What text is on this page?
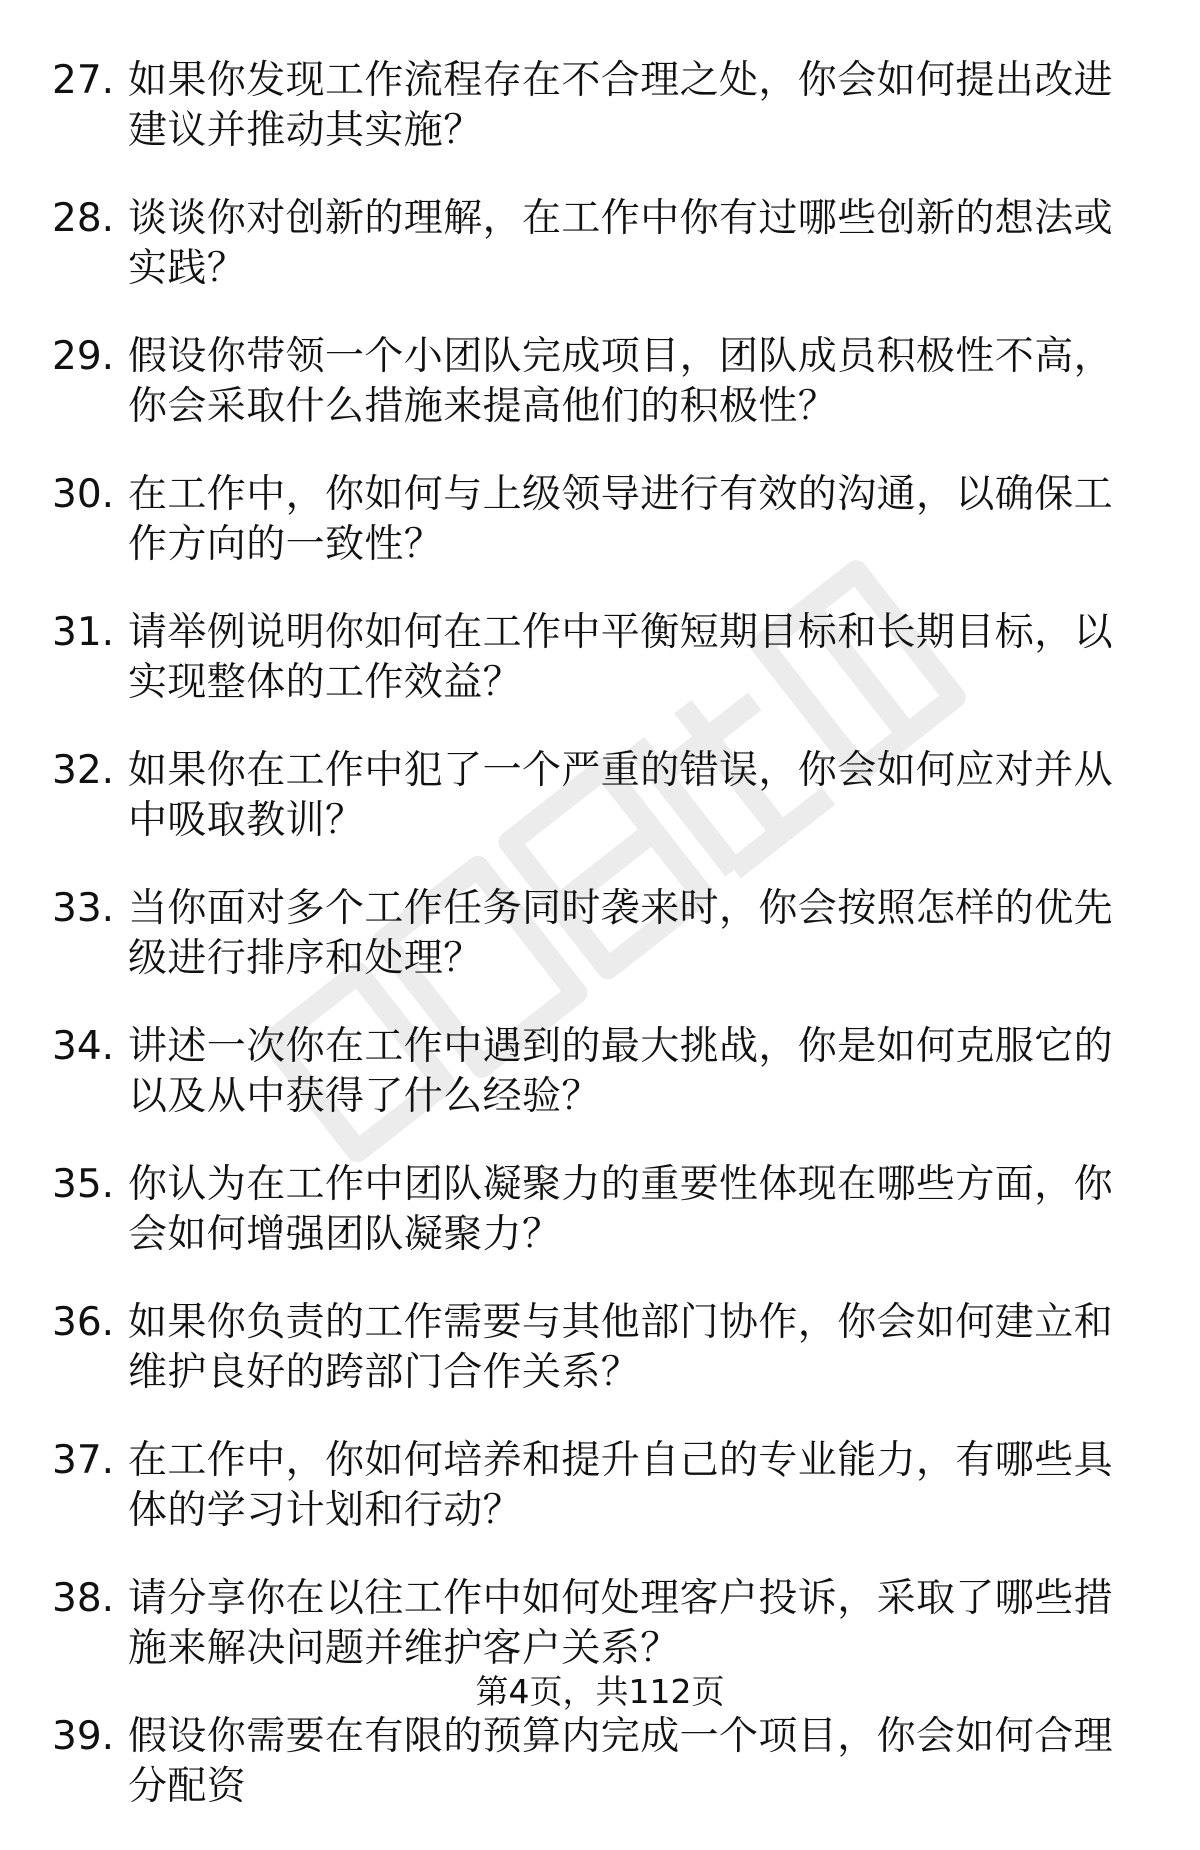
27. 如果你发现工作流程存在不合理之处，你会如何提出改进建议并推动其实施？
28. 谈谈你对创新的理解，在工作中你有过哪些创新的想法或实践？
29. 假设你带领一个小团队完成项目，团队成员积极性不高，你会采取什么措施来提高他们的积极性？
30. 在工作中，你如何与上级领导进行有效的沟通，以确保工作方向的一致性？
31. 请举例说明你如何在工作中平衡短期目标和长期目标，以实现整体的工作效益？
32. 如果你在工作中犯了一个严重的错误，你会如何应对并从中吸取教训？
33. 当你面对多个工作任务同时袭来时，你会按照怎样的优先级进行排序和处理？
34. 讲述一次你在工作中遇到的最大挑战，你是如何克服它的以及从中获得了什么经验？
35. 你认为在工作中团队凝聚力的重要性体现在哪些方面，你会如何增强团队凝聚力？
36. 如果你负责的工作需要与其他部门协作，你会如何建立和维护良好的跨部门合作关系？
37. 在工作中，你如何培养和提升自己的专业能力，有哪些具体的学习计划和行动？
38. 请分享你在以往工作中如何处理客户投诉，采取了哪些措施来解决问题并维护客户关系？
39. 假设你需要在有限的预算内完成一个项目，你会如何合理分配资
第4页，共112页
